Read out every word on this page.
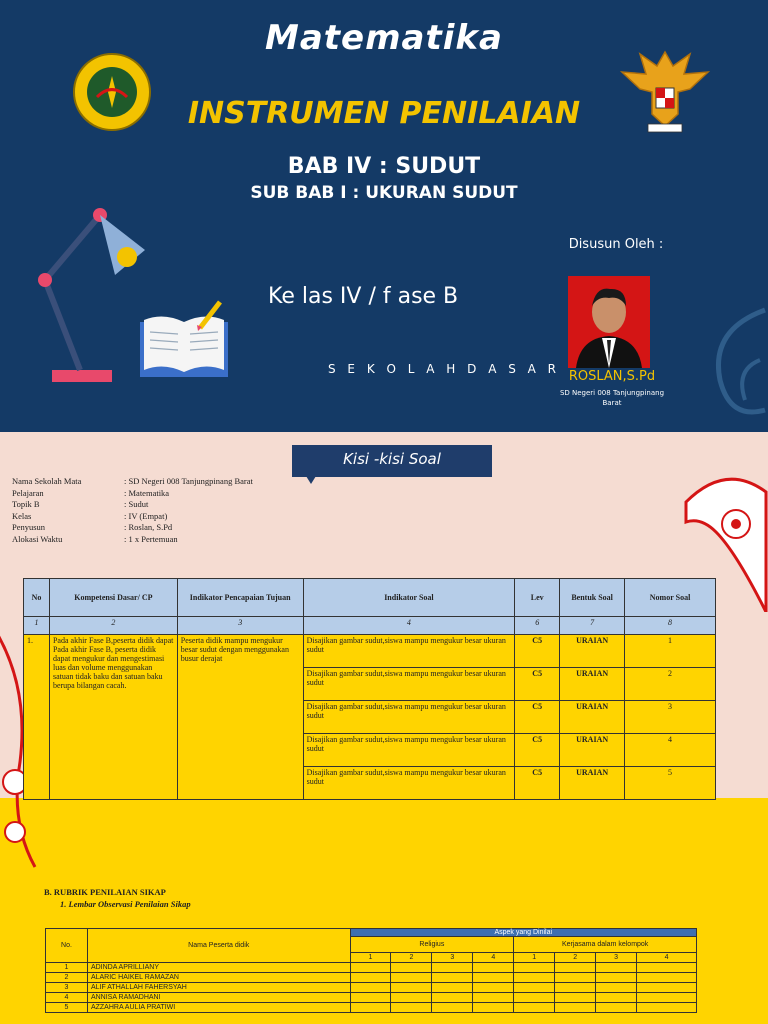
Matematika
INSTRUMEN PENILAIAN
BAB IV : SUDUT
SUB BAB I : UKURAN SUDUT
Ke las IV / f ase B
S E K O L A H D A S A R
Disusun Oleh :
ROSLAN,S.Pd
SD Negeri 008 Tanjungpinang Barat
Kisi -kisi Soal
Nama Sekolah Mata	: SD Negeri 008 Tanjungpinang Barat
Pelajaran	: Matematika
Topik B	: Sudut
Kelas	: IV (Empat)
Penyusun	: Roslan, S.Pd
Alokasi Waktu	: 1 x Pertemuan
No	Kompetensi Dasar/ CP	Indikator Pencapaian Tujuan	Indikator Soal	Lev	Bentuk Soal	Nomor Soal
1	2	3	4	6	7	8
1.	Pada akhir Fase B,peserta didik dapat Pada akhir Fase B, peserta didik dapat mengukur dan mengestimasi luas dan volume menggunakan satuan tidak baku dan satuan baku berupa bilangan cacah.	Peserta didik mampu mengukur besar sudut dengan menggunakan busur derajat	Disajikan gambar sudut,siswa mampu mengukur besar ukuran sudut	C5	URAIAN	1
			Disajikan gambar sudut,siswa mampu mengukur besar ukuran sudut	C5	URAIAN	2
			Disajikan gambar sudut,siswa mampu mengukur besar ukuran sudut	C5	URAIAN	3
			Disajikan gambar sudut,siswa mampu mengukur besar ukuran sudut	C5	URAIAN	4
			Disajikan gambar sudut,siswa mampu mengukur besar ukuran sudut	C5	URAIAN	5
B. RUBRIK PENILAIAN SIKAP
1. Lembar Observasi Penilaian Sikap
No.	Nama Peserta didik	Aspek yang Dinilai							
		Religius				Kerjasama dalam kelompok			
		1	2	3	4	1	2	3	4
1	ADINDA APRILLIANY								
2	ALARIC HAIKEL RAMAZAN								
3	ALIF ATHALLAH FAHERSYAH								
4	ANNISA RAMADHANI								
5	AZZAHRA AULIA PRATIWI								
